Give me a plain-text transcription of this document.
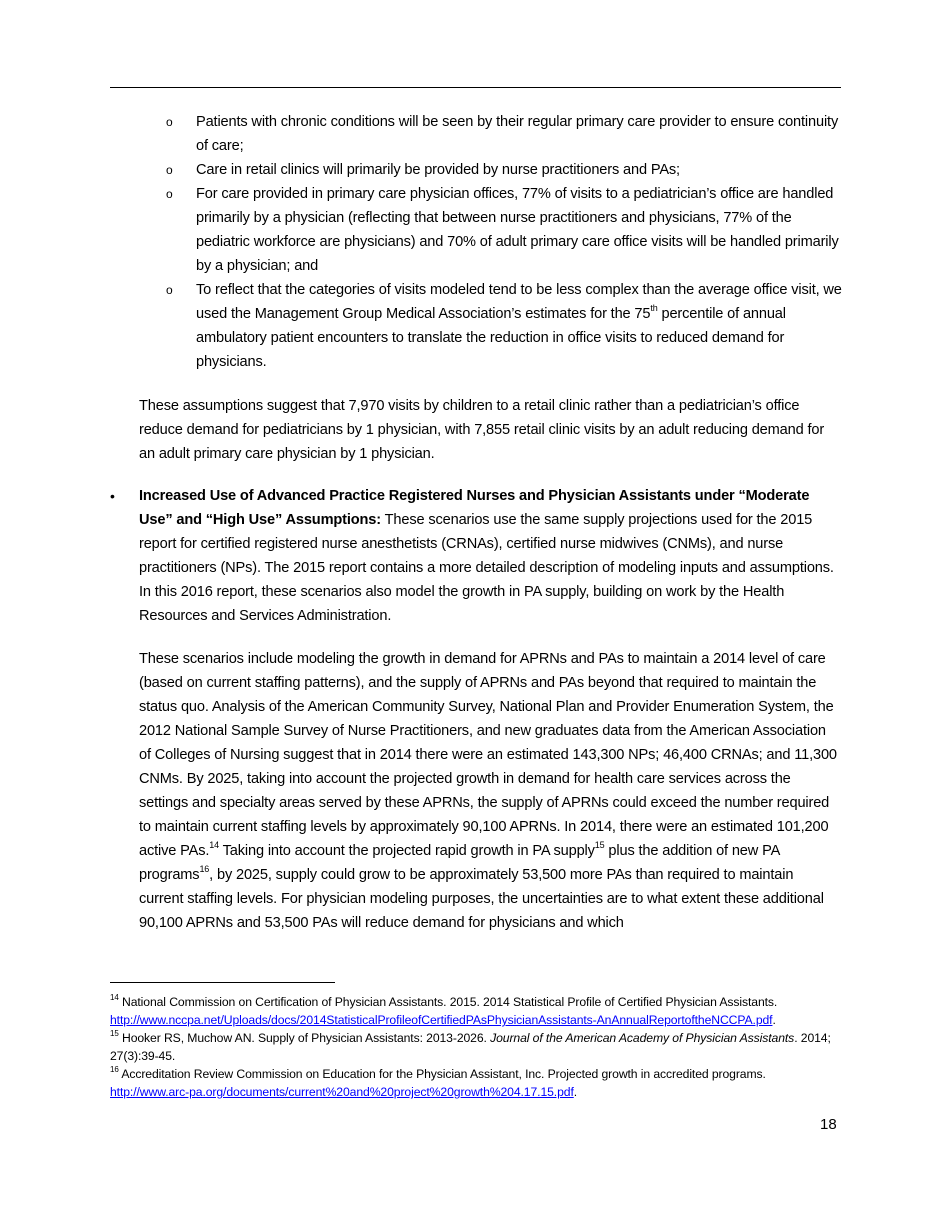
o Patients with chronic conditions will be seen by their regular primary care provider to ensure continuity of care;
o Care in retail clinics will primarily be provided by nurse practitioners and PAs;
o For care provided in primary care physician offices, 77% of visits to a pediatrician’s office are handled primarily by a physician (reflecting that between nurse practitioners and physicians, 77% of the pediatric workforce are physicians) and 70% of adult primary care office visits will be handled primarily by a physician; and
o To reflect that the categories of visits modeled tend to be less complex than the average office visit, we used the Management Group Medical Association’s estimates for the 75th percentile of annual ambulatory patient encounters to translate the reduction in office visits to reduced demand for physicians.

These assumptions suggest that 7,970 visits by children to a retail clinic rather than a pediatrician’s office reduce demand for pediatricians by 1 physician, with 7,855 retail clinic visits by an adult reducing demand for an adult primary care physician by 1 physician.

• Increased Use of Advanced Practice Registered Nurses and Physician Assistants under “Moderate Use” and “High Use” Assumptions: These scenarios use the same supply projections used for the 2015 report for certified registered nurse anesthetists (CRNAs), certified nurse midwives (CNMs), and nurse practitioners (NPs). The 2015 report contains a more detailed description of modeling inputs and assumptions. In this 2016 report, these scenarios also model the growth in PA supply, building on work by the Health Resources and Services Administration.

These scenarios include modeling the growth in demand for APRNs and PAs to maintain a 2014 level of care (based on current staffing patterns), and the supply of APRNs and PAs beyond that required to maintain the status quo. Analysis of the American Community Survey, National Plan and Provider Enumeration System, the 2012 National Sample Survey of Nurse Practitioners, and new graduates data from the American Association of Colleges of Nursing suggest that in 2014 there were an estimated 143,300 NPs; 46,400 CRNAs; and 11,300 CNMs. By 2025, taking into account the projected growth in demand for health care services across the settings and specialty areas served by these APRNs, the supply of APRNs could exceed the number required to maintain current staffing levels by approximately 90,100 APRNs. In 2014, there were an estimated 101,200 active PAs.$^{14}$ Taking into account the projected rapid growth in PA supply$^{15}$ plus the addition of new PA programs$^{16}$, by 2025, supply could grow to be approximately 53,500 more PAs than required to maintain current staffing levels. For physician modeling purposes, the uncertainties are to what extent these additional 90,100 APRNs and 53,500 PAs will reduce demand for physicians and which

$^{14}$ National Commission on Certification of Physician Assistants. 2015. 2014 Statistical Profile of Certified Physician Assistants.
http://www.nccpa.net/Uploads/docs/2014StatisticalProfileofCertifiedPAsPhysicianAssistants-AnAnnualReportoftheNCCPA.pdf.
$^{15}$ Hooker RS, Muchow AN. Supply of Physician Assistants: 2013-2026. Journal of the American Academy of Physician Assistants. 2014; 27(3):39-45.
$^{16}$ Accreditation Review Commission on Education for the Physician Assistant, Inc. Projected growth in accredited programs.
http://www.arc-pa.org/documents/current%20and%20project%20growth%204.17.15.pdf.
18
